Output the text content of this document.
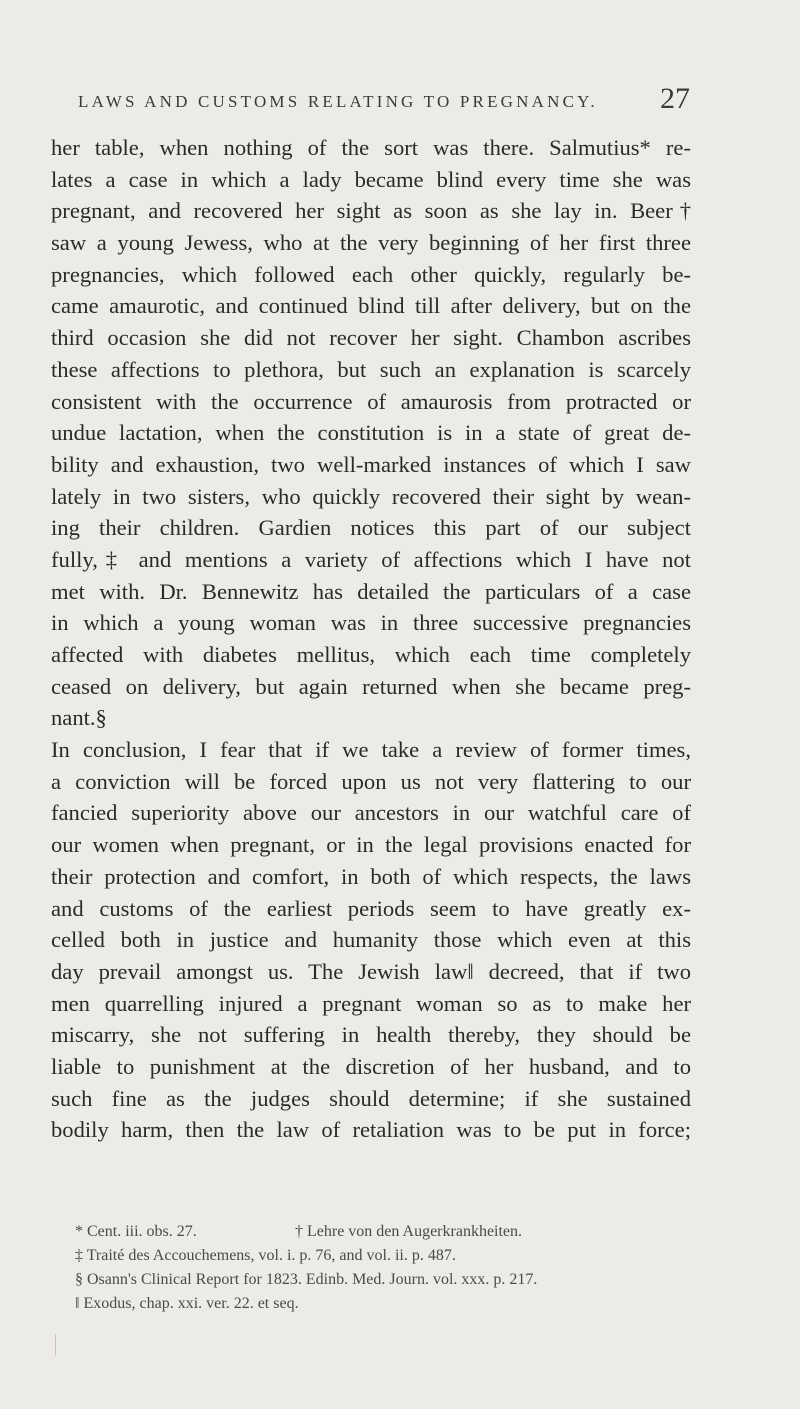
LAWS AND CUSTOMS RELATING TO PREGNANCY. 27
her table, when nothing of the sort was there. Salmutius* re-
lates a case in which a lady became blind every time she was
pregnant, and recovered her sight as soon as she lay in. Beer†
saw a young Jewess, who at the very beginning of her first three
pregnancies, which followed each other quickly, regularly be-
came amaurotic, and continued blind till after delivery, but on the
third occasion she did not recover her sight. Chambon ascribes
these affections to plethora, but such an explanation is scarcely
consistent with the occurrence of amaurosis from protracted or
undue lactation, when the constitution is in a state of great de-
bility and exhaustion, two well-marked instances of which I saw
lately in two sisters, who quickly recovered their sight by wean-
ing their children. Gardien notices this part of our subject
fully,‡ and mentions a variety of affections which I have not
met with. Dr. Bennewitz has detailed the particulars of a case
in which a young woman was in three successive pregnancies
affected with diabetes mellitus, which each time completely
ceased on delivery, but again returned when she became preg-
nant.§
In conclusion, I fear that if we take a review of former times,
a conviction will be forced upon us not very flattering to our
fancied superiority above our ancestors in our watchful care of
our women when pregnant, or in the legal provisions enacted for
their protection and comfort, in both of which respects, the laws
and customs of the earliest periods seem to have greatly ex-
celled both in justice and humanity those which even at this
day prevail amongst us. The Jewish law‖ decreed, that if two
men quarrelling injured a pregnant woman so as to make her
miscarry, she not suffering in health thereby, they should be
liable to punishment at the discretion of her husband, and to
such fine as the judges should determine; if she sustained
bodily harm, then the law of retaliation was to be put in force;
* Cent. iii. obs. 27.	† Lehre von den Augerkrankheiten.
‡ Traité des Accouchemens, vol. i. p. 76, and vol. ii. p. 487.
§ Osann's Clinical Report for 1823. Edinb. Med. Journ. vol. xxx. p. 217.
‖ Exodus, chap. xxi. ver. 22. et seq.
